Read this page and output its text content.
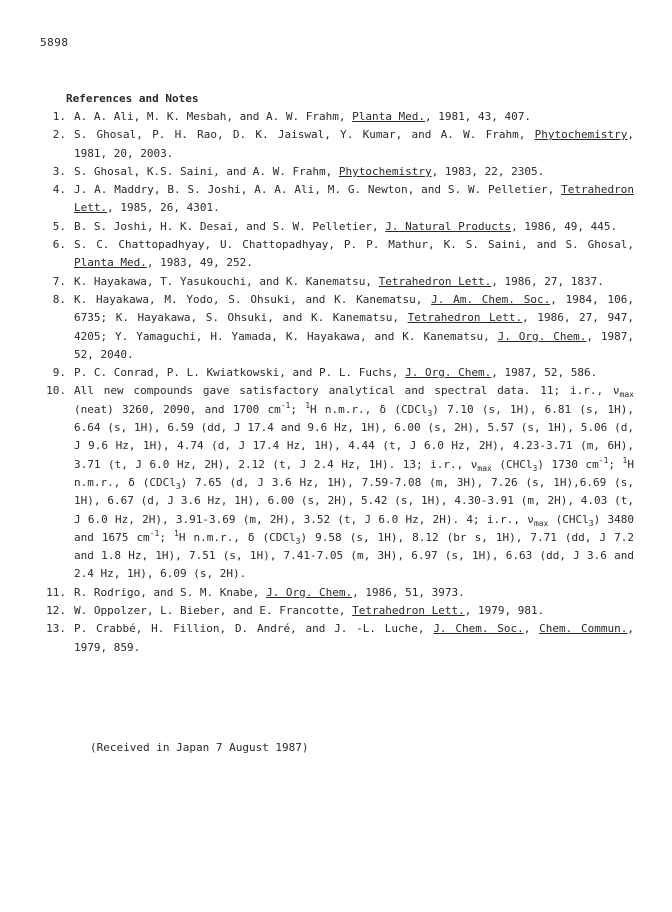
5898
References and Notes
1. A. A. Ali, M. K. Mesbah, and A. W. Frahm, Planta Med., 1981, 43, 407.
2. S. Ghosal, P. H. Rao, D. K. Jaiswal, Y. Kumar, and A. W. Frahm, Phytochemistry, 1981, 20, 2003.
3. S. Ghosal, K.S. Saini, and A. W. Frahm, Phytochemistry, 1983, 22, 2305.
4. J. A. Maddry, B. S. Joshi, A. A. Ali, M. G. Newton, and S. W. Pelletier, Tetrahedron Lett., 1985, 26, 4301.
5. B. S. Joshi, H. K. Desai, and S. W. Pelletier, J. Natural Products, 1986, 49, 445.
6. S. C. Chattopadhyay, U. Chattopadhyay, P. P. Mathur, K. S. Saini, and S. Ghosal, Planta Med., 1983, 49, 252.
7. K. Hayakawa, T. Yasukouchi, and K. Kanematsu, Tetrahedron Lett., 1986, 27, 1837.
8. K. Hayakawa, M. Yodo, S. Ohsuki, and K. Kanematsu, J. Am. Chem. Soc., 1984, 106, 6735; K. Hayakawa, S. Ohsuki, and K. Kanematsu, Tetrahedron Lett., 1986, 27, 947, 4205; Y. Yamaguchi, H. Yamada, K. Hayakawa, and K. Kanematsu, J. Org. Chem., 1987, 52, 2040.
9. P. C. Conrad, P. L. Kwiatkowski, and P. L. Fuchs, J. Org. Chem., 1987, 52, 586.
10. All new compounds gave satisfactory analytical and spectral data. 11; i.r., $\nu_{max}$ (neat) 3260, 2090, and 1700 $cm^{-1}$; $^1$H n.m.r., δ (CDCl$_3$) 7.10 (s, 1H), 6.81 (s, 1H), 6.64 (s, 1H), 6.59 (dd, J 17.4 and 9.6 Hz, 1H), 6.00 (s, 2H), 5.57 (s, 1H), 5.06 (d, J 9.6 Hz, 1H), 4.74 (d, J 17.4 Hz, 1H), 4.44 (t, J 6.0 Hz, 2H), 4.23-3.71 (m, 6H), 3.71 (t, J 6.0 Hz, 2H), 2.12 (t, J 2.4 Hz, 1H). 13; i.r., $\nu_{max}$ (CHCl$_3$) 1730 $cm^{-1}$; $^1$H n.m.r., δ (CDCl$_3$) 7.65 (d, J 3.6 Hz, 1H), 7.59-7.08 (m, 3H), 7.26 (s, 1H),6.69 (s, 1H), 6.67 (d, J 3.6 Hz, 1H), 6.00 (s, 2H), 5.42 (s, 1H), 4.30-3.91 (m, 2H), 4.03 (t, J 6.0 Hz, 2H), 3.91-3.69 (m, 2H), 3.52 (t, J 6.0 Hz, 2H). 4; i.r., $\nu_{max}$ (CHCl$_3$) 3480 and 1675 $cm^{-1}$; $^1$H n.m.r., δ (CDCl$_3$) 9.58 (s, 1H), 8.12 (br s, 1H), 7.71 (dd, J 7.2 and 1.8 Hz, 1H), 7.51 (s, 1H), 7.41-7.05 (m, 3H), 6.97 (s, 1H), 6.63 (dd, J 3.6 and 2.4 Hz, 1H), 6.09 (s, 2H).
11. R. Rodrigo, and S. M. Knabe, J. Org. Chem., 1986, 51, 3973.
12. W. Oppolzer, L. Bieber, and E. Francotte, Tetrahedron Lett., 1979, 981.
13. P. Crabbé, H. Fillion, D. André, and J. -L. Luche, J. Chem. Soc., Chem. Commun., 1979, 859.
(Received in Japan 7 August 1987)
